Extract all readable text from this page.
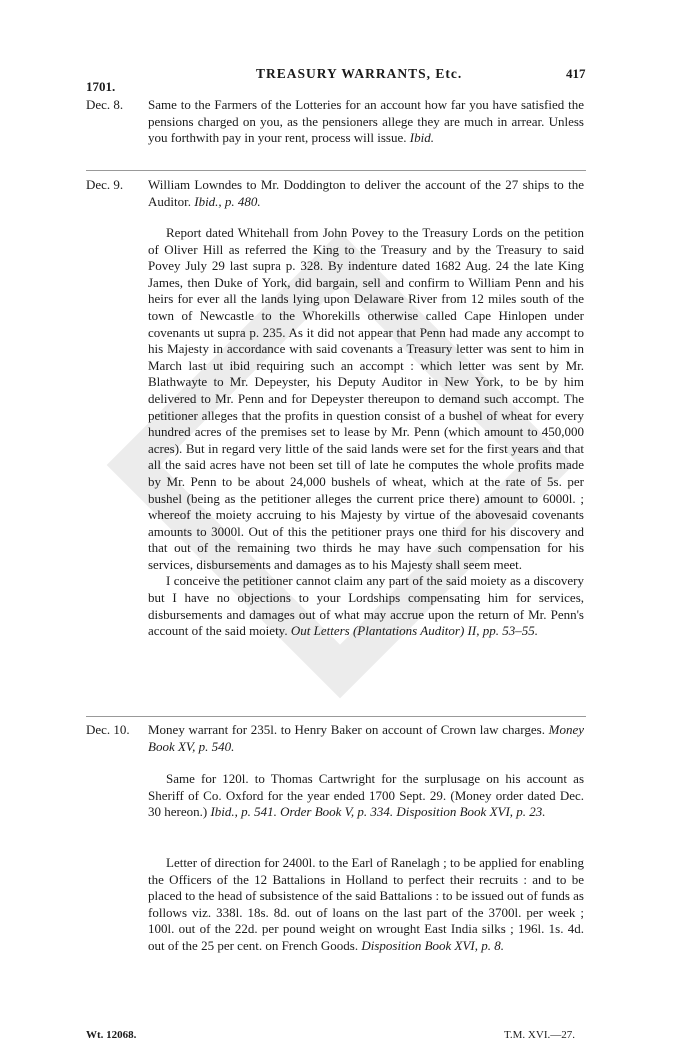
1701.
TREASURY WARRANTS, Etc.	417
Dec. 8. Same to the Farmers of the Lotteries for an account how far you have satisfied the pensions charged on you, as the pensioners allege they are much in arrear. Unless you forthwith pay in your rent, process will issue. Ibid.

Dec. 9. William Lowndes to Mr. Doddington to deliver the account of the 27 ships to the Auditor. Ibid., p. 480.

Report dated Whitehall from John Povey to the Treasury Lords on the petition of Oliver Hill as referred the King to the Treasury and by the Treasury to said Povey July 29 last supra p. 328. By indenture dated 1682 Aug. 24 the late King James, then Duke of York, did bargain, sell and confirm to William Penn and his heirs for ever all the lands lying upon Delaware River from 12 miles south of the town of Newcastle to the Whorekills otherwise called Cape Hinlopen under covenants ut supra p. 235. As it did not appear that Penn had made any accompt to his Majesty in accordance with said covenants a Treasury letter was sent to him in March last ut ibid requiring such an accompt : which letter was sent by Mr. Blathwayte to Mr. Depeyster, his Deputy Auditor in New York, to be by him delivered to Mr. Penn and for Depeyster thereupon to demand such accompt. The petitioner alleges that the profits in question consist of a bushel of wheat for every hundred acres of the premises set to lease by Mr. Penn (which amount to 450,000 acres). But in regard very little of the said lands were set for the first years and that all the said acres have not been set till of late he computes the whole profits made by Mr. Penn to be about 24,000 bushels of wheat, which at the rate of 5s. per bushel (being as the petitioner alleges the current price there) amount to 6000l. ; whereof the moiety accruing to his Majesty by virtue of the abovesaid covenants amounts to 3000l. Out of this the petitioner prays one third for his discovery and that out of the remaining two thirds he may have such compensation for his services, disbursements and damages as to his Majesty shall seem meet.

I conceive the petitioner cannot claim any part of the said moiety as a discovery but I have no objections to your Lordships compensating him for services, disbursements and damages out of what may accrue upon the return of Mr. Penn's account of the said moiety. Out Letters (Plantations Auditor) II, pp. 53–55.

Dec. 10. Money warrant for 235l. to Henry Baker on account of Crown law charges. Money Book XV, p. 540.

Same for 120l. to Thomas Cartwright for the surplusage on his account as Sheriff of Co. Oxford for the year ended 1700 Sept. 29. (Money order dated Dec. 30 hereon.) Ibid., p. 541. Order Book V, p. 334. Disposition Book XVI, p. 23.

Letter of direction for 2400l. to the Earl of Ranelagh ; to be applied for enabling the Officers of the 12 Battalions in Holland to perfect their recruits : and to be placed to the head of subsistence of the said Battalions : to be issued out of funds as follows viz. 338l. 18s. 8d. out of loans on the last part of the 3700l. per week ; 100l. out of the 22d. per pound weight on wrought East India silks ; 196l. 1s. 4d. out of the 25 per cent. on French Goods. Disposition Book XVI, p. 8.

Wt. 12068.	T.M. XVI.—27.
